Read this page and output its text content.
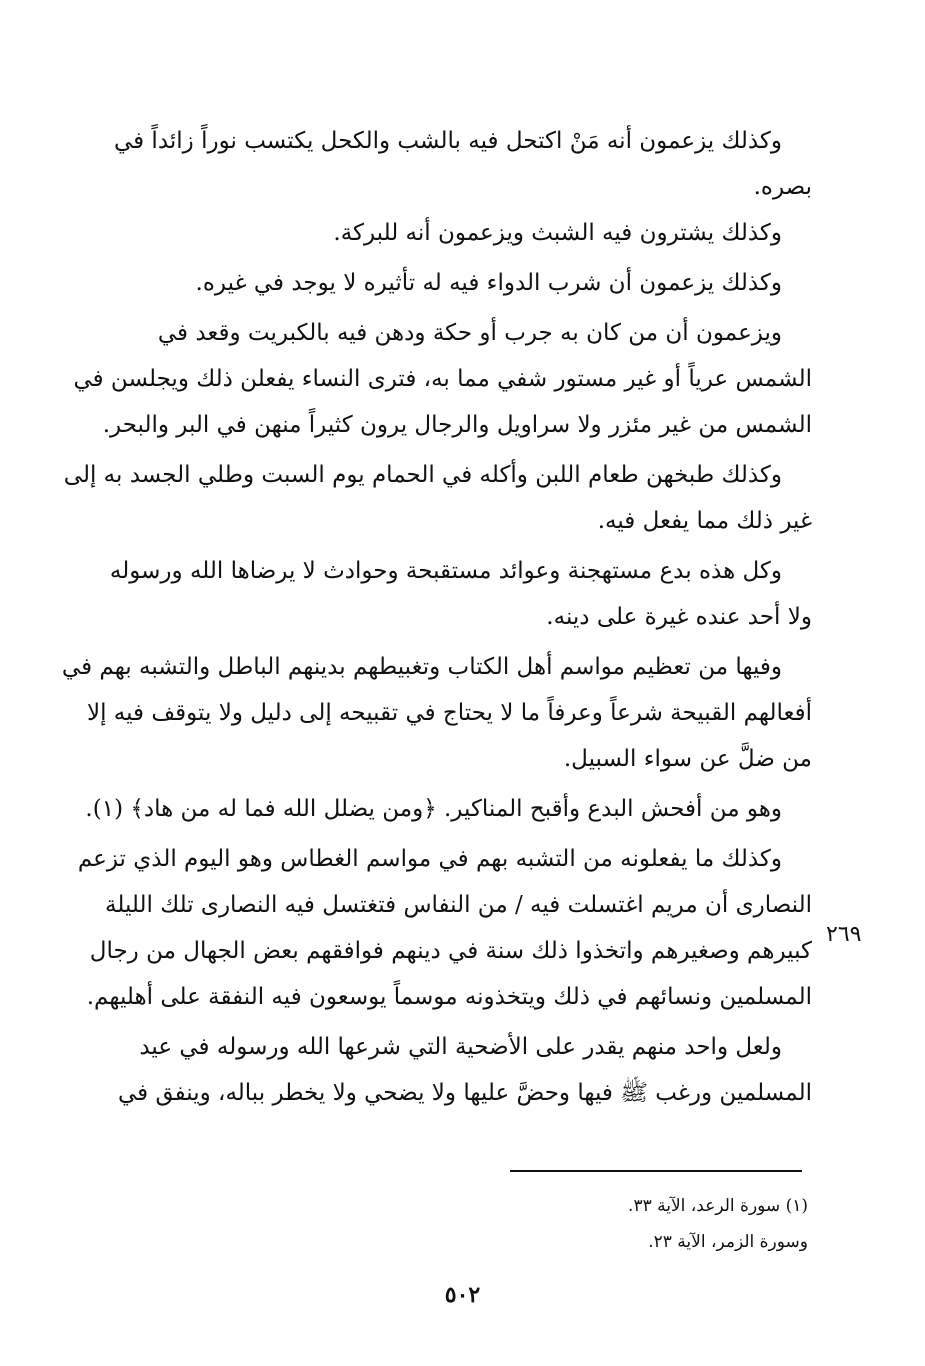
وكذلك يزعمون أنه مَنْ اكتحل فيه بالشب والكحل يكتسب نوراً زائداً في
بصره.
وكذلك يشترون فيه الشبث ويزعمون أنه للبركة.
وكذلك يزعمون أن شرب الدواء فيه له تأثيره لا يوجد في غيره.
ويزعمون أن من كان به جرب أو حكة ودهن فيه بالكبريت وقعد في
الشمس عرياً أو غير مستور شفي مما به، فترى النساء يفعلن ذلك ويجلسن في
الشمس من غير مئزر ولا سراويل والرجال يرون كثيراً منهن في البر والبحر.
وكذلك طبخهن طعام اللبن وأكله في الحمام يوم السبت وطلي الجسد به إلى
غير ذلك مما يفعل فيه.
وكل هذه بدع مستهجنة وعوائد مستقبحة وحوادث لا يرضاها الله ورسوله
ولا أحد عنده غيرة على دينه.
وفيها من تعظيم مواسم أهل الكتاب وتغبيطهم بدينهم الباطل والتشبه بهم في
أفعالهم القبيحة شرعاً وعرفاً ما لا يحتاج في تقبيحه إلى دليل ولا يتوقف فيه إلا
من ضلَّ عن سواء السبيل.
وهو من أفحش البدع وأقبح المناكير. ﴿ومن يضلل الله فما له من هاد﴾ (١).
وكذلك ما يفعلونه من التشبه بهم في مواسم الغطاس وهو اليوم الذي تزعم
النصارى أن مريم اغتسلت فيه / من النفاس فتغتسل فيه النصارى تلك الليلة
كبيرهم وصغيرهم واتخذوا ذلك سنة في دينهم فوافقهم بعض الجهال من رجال
المسلمين ونسائهم في ذلك ويتخذونه موسماً يوسعون فيه النفقة على أهليهم.
ولعل واحد منهم يقدر على الأضحية التي شرعها الله ورسوله في عيد
المسلمين ورغب ﷺ فيها وحضَّ عليها ولا يضحي ولا يخطر بباله، وينفق في
٢٦٩
(١) سورة الرعد، الآية ٣٣.
وسورة الزمر، الآية ٢٣.
٥٠٢
